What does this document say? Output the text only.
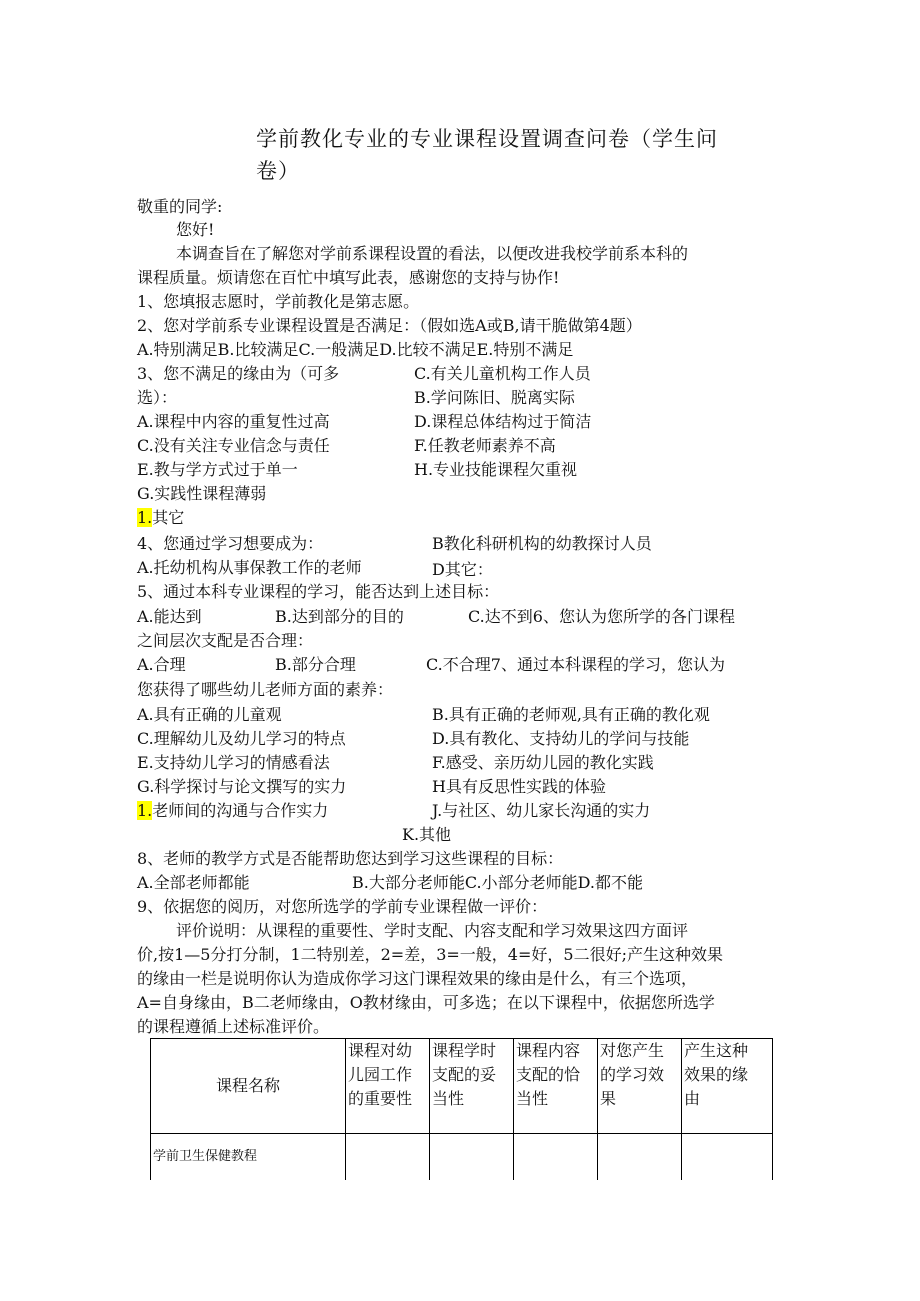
学前教化专业的专业课程设置调查问卷（学生问
卷）
敬重的同学:
您好!
本调查旨在了解您对学前系课程设置的看法，以便改进我校学前系本科的
课程质量。烦请您在百忙中填写此表，感谢您的支持与协作!
1、您填报志愿时，学前教化是第志愿。
2、您对学前系专业课程设置是否满足：（假如选A或B,请干脆做第4题）
A.特别满足B.比较满足C.一般满足D.比较不满足E.特别不满足
3、您不满足的缘由为（可多	C.有关儿童机构工作人员
选）：	B.学问陈旧、脱离实际
A.课程中内容的重复性过高	D.课程总体结构过于简洁
C.没有关注专业信念与责任	F.任教老师素养不高
E.教与学方式过于单一	H.专业技能课程欠重视
G.实践性课程薄弱
1.其它
4、您通过学习想要成为：	B教化科研机构的幼教探讨人员
A.托幼机构从事保教工作的老师	D其它：
5、通过本科专业课程的学习，能否达到上述目标：
A.能达到	B.达到部分的目的	C.达不到6、您认为您所学的各门课程
之间层次支配是否合理：
A.合理	B.部分合理	C.不合理7、通过本科课程的学习，您认为
您获得了哪些幼儿老师方面的素养：
A.具有正确的儿童观	B.具有正确的老师观,具有正确的教化观
C.理解幼儿及幼儿学习的特点	D.具有教化、支持幼儿的学问与技能
E.支持幼儿学习的情感看法	F.感受、亲历幼儿园的教化实践
G.科学探讨与论文撰写的实力	H具有反思性实践的体验
1.老师间的沟通与合作实力	J.与社区、幼儿家长沟通的实力
K.其他
8、老师的教学方式是否能帮助您达到学习这些课程的目标：
A.全部老师都能	B.大部分老师能C.小部分老师能D.都不能
9、依据您的阅历，对您所选学的学前专业课程做一评价：
评价说明：从课程的重要性、学时支配、内容支配和学习效果这四方面评
价,按1—5分打分制，1二特别差，2=差，3=一般，4=好，5二很好;产生这种效果
的缘由一栏是说明你认为造成你学习这门课程效果的缘由是什么，有三个选项，
A=自身缘由，B二老师缘由，O教材缘由，可多选；在以下课程中，依据您所选学
的课程遵循上述标准评价。
课程名称	课程对幼
儿园工作
的重要性	课程学时
支配的妥
当性	课程内容
支配的恰
当性	对您产生
的学习效
果	产生这种
效果的缘
由
学前卫生保健教程					
